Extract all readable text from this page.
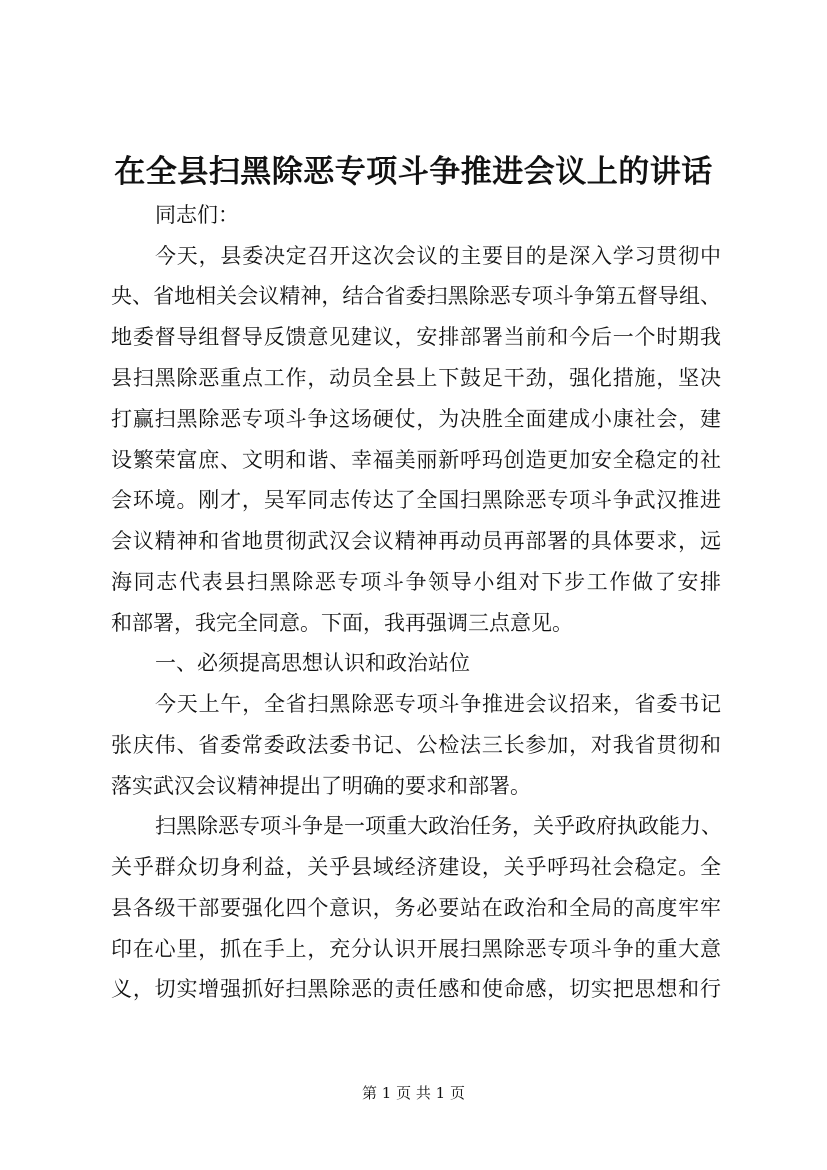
在全县扫黑除恶专项斗争推进会议上的讲话
同志们：
今天，县委决定召开这次会议的主要目的是深入学习贯彻中
央、省地相关会议精神，结合省委扫黑除恶专项斗争第五督导组、
地委督导组督导反馈意见建议，安排部署当前和今后一个时期我
县扫黑除恶重点工作，动员全县上下鼓足干劲，强化措施，坚决
打赢扫黑除恶专项斗争这场硬仗，为决胜全面建成小康社会，建
设繁荣富庶、文明和谐、幸福美丽新呼玛创造更加安全稳定的社
会环境。刚才，吴军同志传达了全国扫黑除恶专项斗争武汉推进
会议精神和省地贯彻武汉会议精神再动员再部署的具体要求，远
海同志代表县扫黑除恶专项斗争领导小组对下步工作做了安排
和部署，我完全同意。下面，我再强调三点意见。
一、必须提高思想认识和政治站位
今天上午，全省扫黑除恶专项斗争推进会议招来，省委书记
张庆伟、省委常委政法委书记、公检法三长参加，对我省贯彻和
落实武汉会议精神提出了明确的要求和部署。
扫黑除恶专项斗争是一项重大政治任务，关乎政府执政能力、
关乎群众切身利益，关乎县域经济建设，关乎呼玛社会稳定。全
县各级干部要强化四个意识，务必要站在政治和全局的高度牢牢
印在心里，抓在手上，充分认识开展扫黑除恶专项斗争的重大意
义，切实增强抓好扫黑除恶的责任感和使命感，切实把思想和行
第 1 页 共 1 页
